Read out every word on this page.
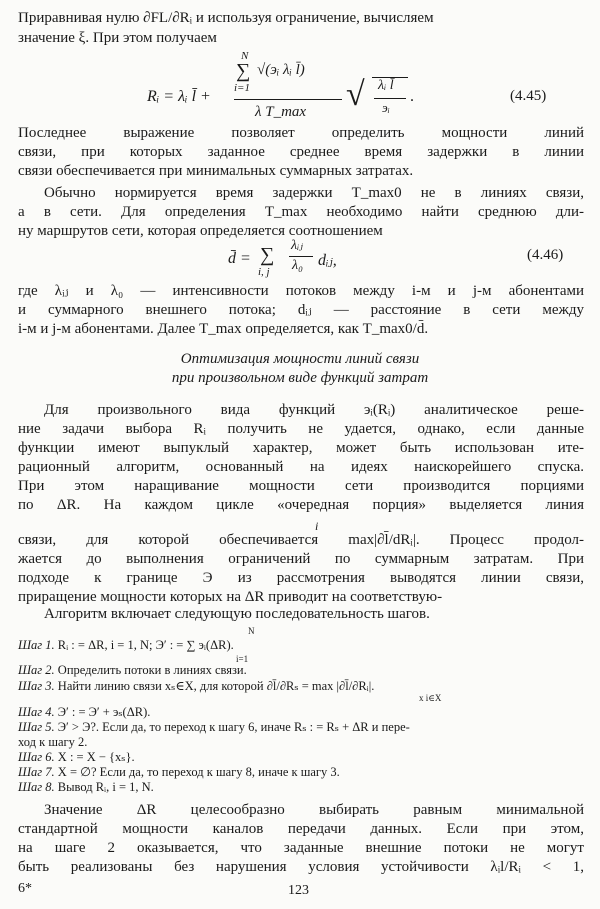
Приравнивая нулю ∂FL/∂Rᵢ и используя ограничение, вычисляем
значение ξ. При этом получаем
Rᵢ = λᵢ l̄ +
N
∑
i=1
√(эᵢ λᵢ l̄)
λ T_max √ λᵢ l̄
эᵢ
.	(4.45)
Последнее выражение позволяет определить мощности линий
связи, при которых заданное среднее время задержки в линии
связи обеспечивается при минимальных суммарных затратах.
Обычно нормируется время задержки T_max0 не в линиях связи,
а в сети. Для определения T_max необходимо найти среднюю дли-
ну маршрутов сети, которая определяется соотношением
d̄ = ∑
i, j
λᵢⱼ
λ₀ dᵢⱼ,	(4.46)
где λᵢⱼ и λ₀ — интенсивности потоков между i-м и j-м абонентами
и суммарного внешнего потока; dᵢⱼ — расстояние в сети между
i-м и j-м абонентами. Далее T_max определяется, как T_max0/d̄.
Оптимизация мощности линий связи
при произвольном виде функций затрат
Для произвольного вида функций эᵢ(Rᵢ) аналитическое реше-
ние задачи выбора Rᵢ получить не удается, однако, если данные
функции имеют выпуклый характер, может быть использован ите-
рационный алгоритм, основанный на идеях наискорейшего спуска.
При этом наращивание мощности сети производится порциями
по ΔR. На каждом цикле «очередная порция» выделяется линия
i
связи, для которой обеспечивается max|∂l̄/dRᵢ|. Процесс продол-
жается до выполнения ограничений по суммарным затратам. При
подходе к границе Э из рассмотрения выводятся линии связи,
приращение мощности которых на ΔR приводит на соответствую-
Алгоритм включает следующую последовательность шагов.
N
Шаг 1. Rᵢ : = ΔR, i = 1, N; Э′ : = ∑ эᵢ(ΔR).
i=1
Шаг 2. Определить потоки в линиях связи.
Шаг 3. Найти линию связи xₛ∈X, для которой ∂l̄/∂Rₛ = max |∂l̄/∂Rᵢ|.
x i∈X
Шаг 4. Э′ : = Э′ + эₛ(ΔR).
Шаг 5. Э′ > Э?. Если да, то переход к шагу 6, иначе Rₛ : = Rₛ + ΔR и пере-
ход к шагу 2.
Шаг 6. X : = X − {xₛ}.
Шаг 7. X = ∅? Если да, то переход к шагу 8, иначе к шагу 3.
Шаг 8. Вывод Rᵢ, i = 1, N.
Значение ΔR целесообразно выбирать равным минимальной
стандартной мощности каналов передачи данных. Если при этом,
на шаге 2 оказывается, что заданные внешние потоки не могут
быть реализованы без нарушения условия устойчивости λᵢl/Rᵢ < 1,
6*	123
